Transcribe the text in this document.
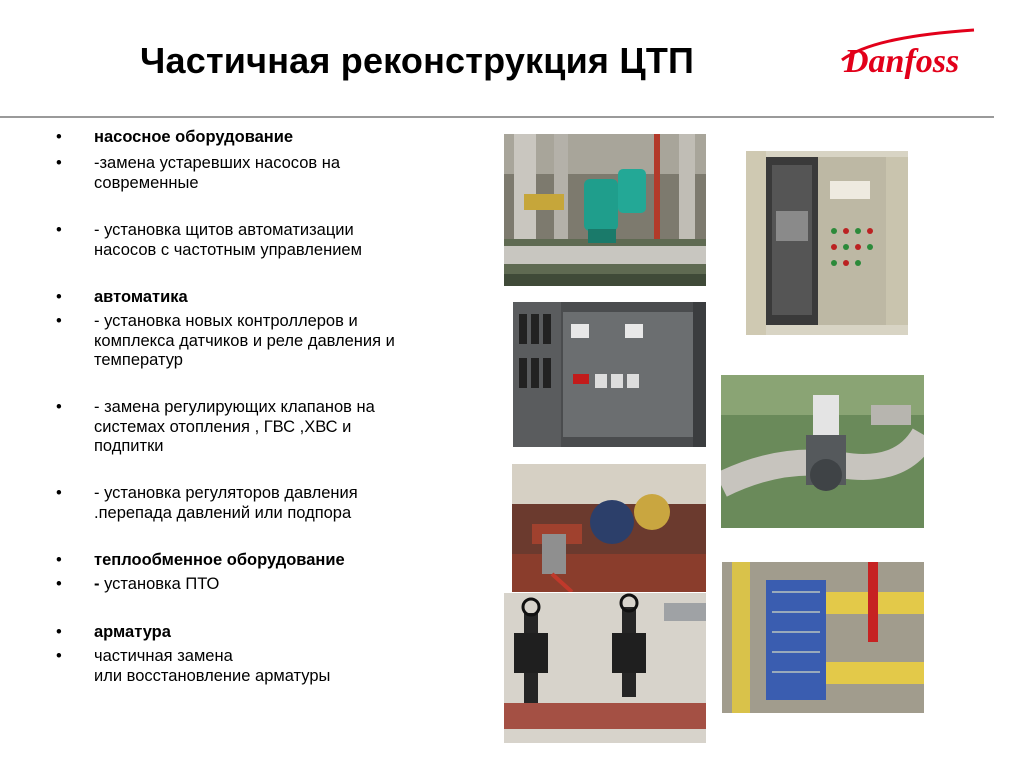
Частичная реконструкция ЦТП	Danfoss
•	насосное оборудование
•	-замена устаревших насосов на
современные
•	- установка щитов автоматизации
насосов с частотным управлением
•	автоматика
•	- установка новых контроллеров и
комплекса датчиков и реле давления и
температур
•	- замена регулирующих клапанов на
системах отопления , ГВС ,ХВС и
подпитки
•	- установка регуляторов давления
.перепада давлений или подпора
•	теплообменное оборудование
•	- установка ПТО
•	арматура
•	частичная замена
или восстановление арматуры
